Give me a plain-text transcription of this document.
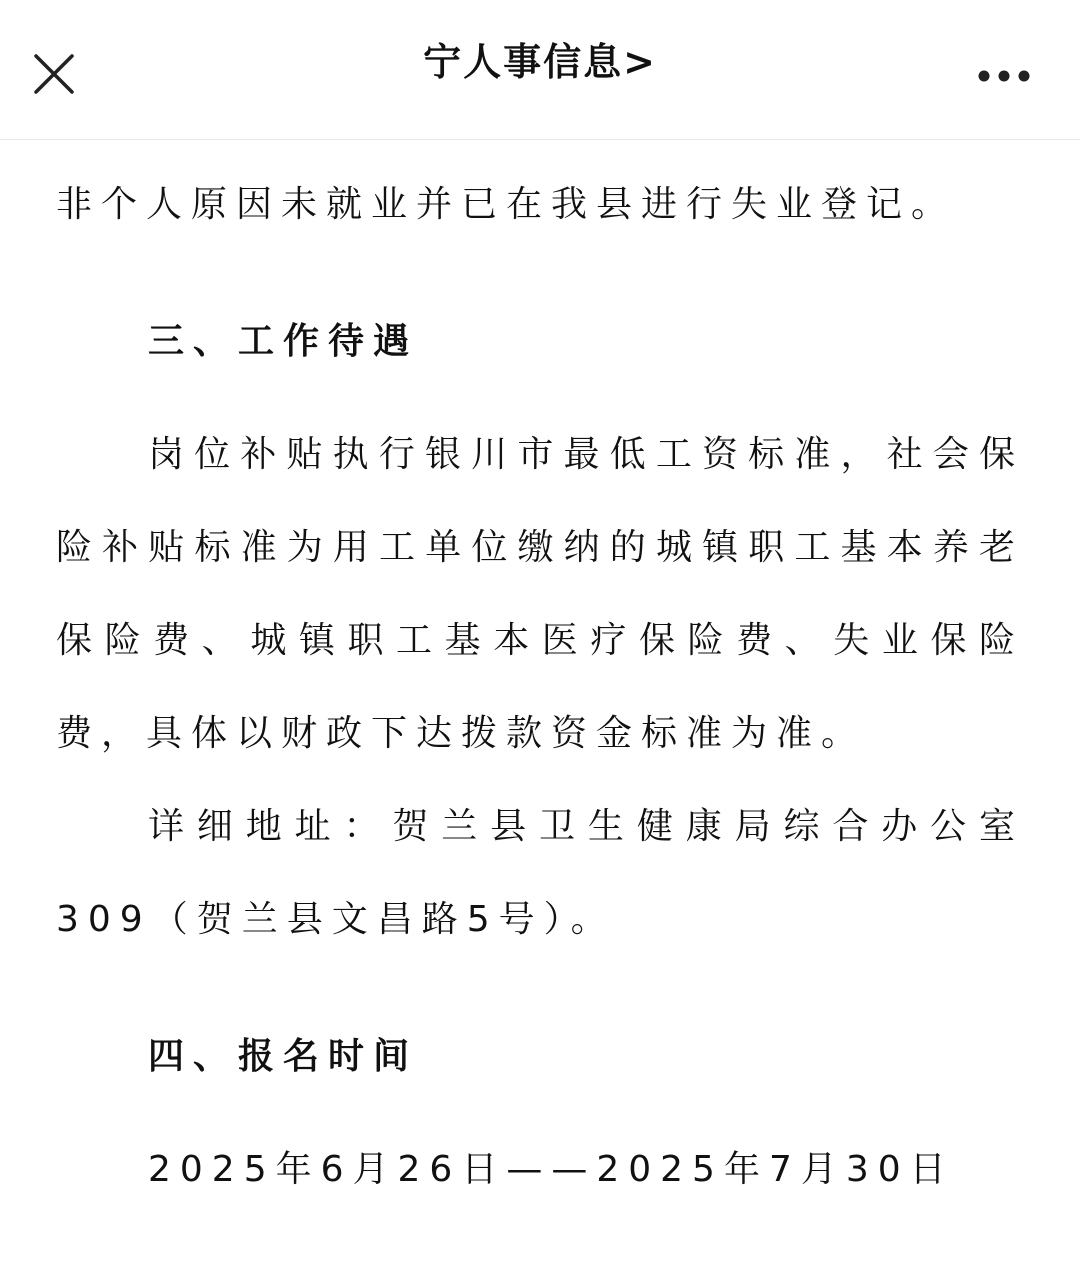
宁人事信息>

非个人原因未就业并已在我县进行失业登记。

三、工作待遇

岗位补贴执行银川市最低工资标准，社会保险补贴标准为用工单位缴纳的城镇职工基本养老保险费、城镇职工基本医疗保险费、失业保险费，具体以财政下达拨款资金标准为准。

详细地址：贺兰县卫生健康局综合办公室309（贺兰县文昌路5号）。

四、报名时间

2025年6月26日——2025年7月30日
